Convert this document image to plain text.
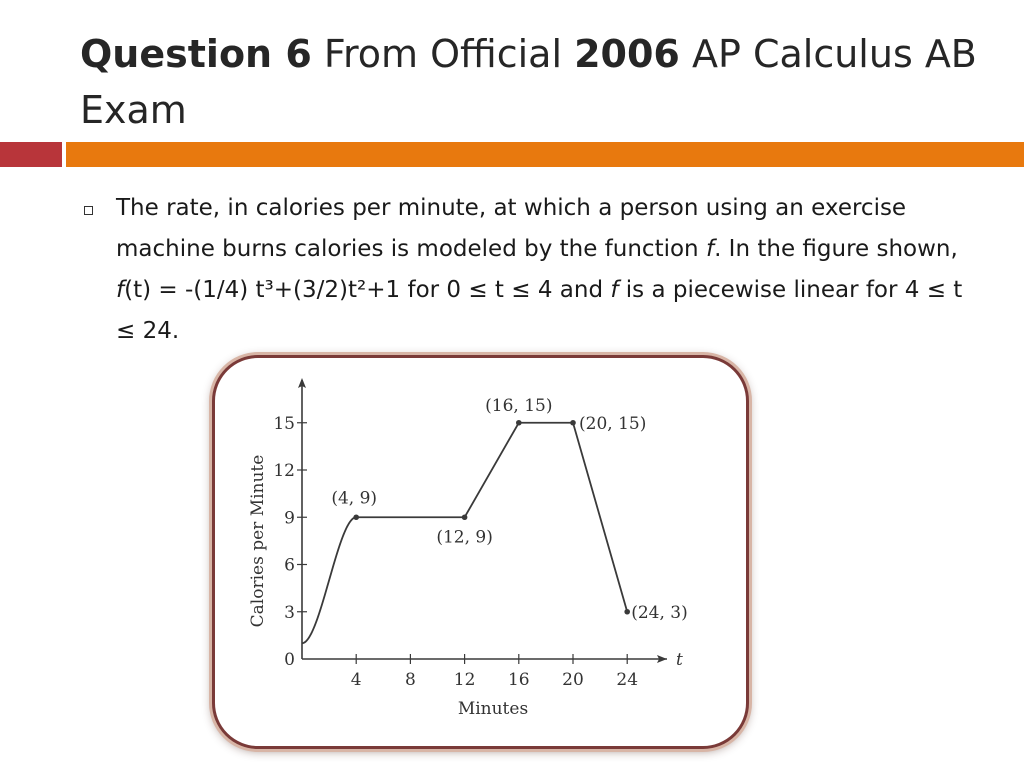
Question 6 From Official 2006 AP Calculus AB Exam

The rate, in calories per minute, at which a person using an exercise machine burns calories is modeled by the function f. In the figure shown, f(t) = -(1/4) t³+(3/2)t²+1 for 0 ≤ t ≤ 4 and f is a piecewise linear for 4 ≤ t ≤ 24.

4	8 12 16 20 24
0
3
6
9
12
15
(4, 9)
(12, 9)
(16, 15)
(20, 15)
(24, 3)
Calories per Minute
Minutes
t
